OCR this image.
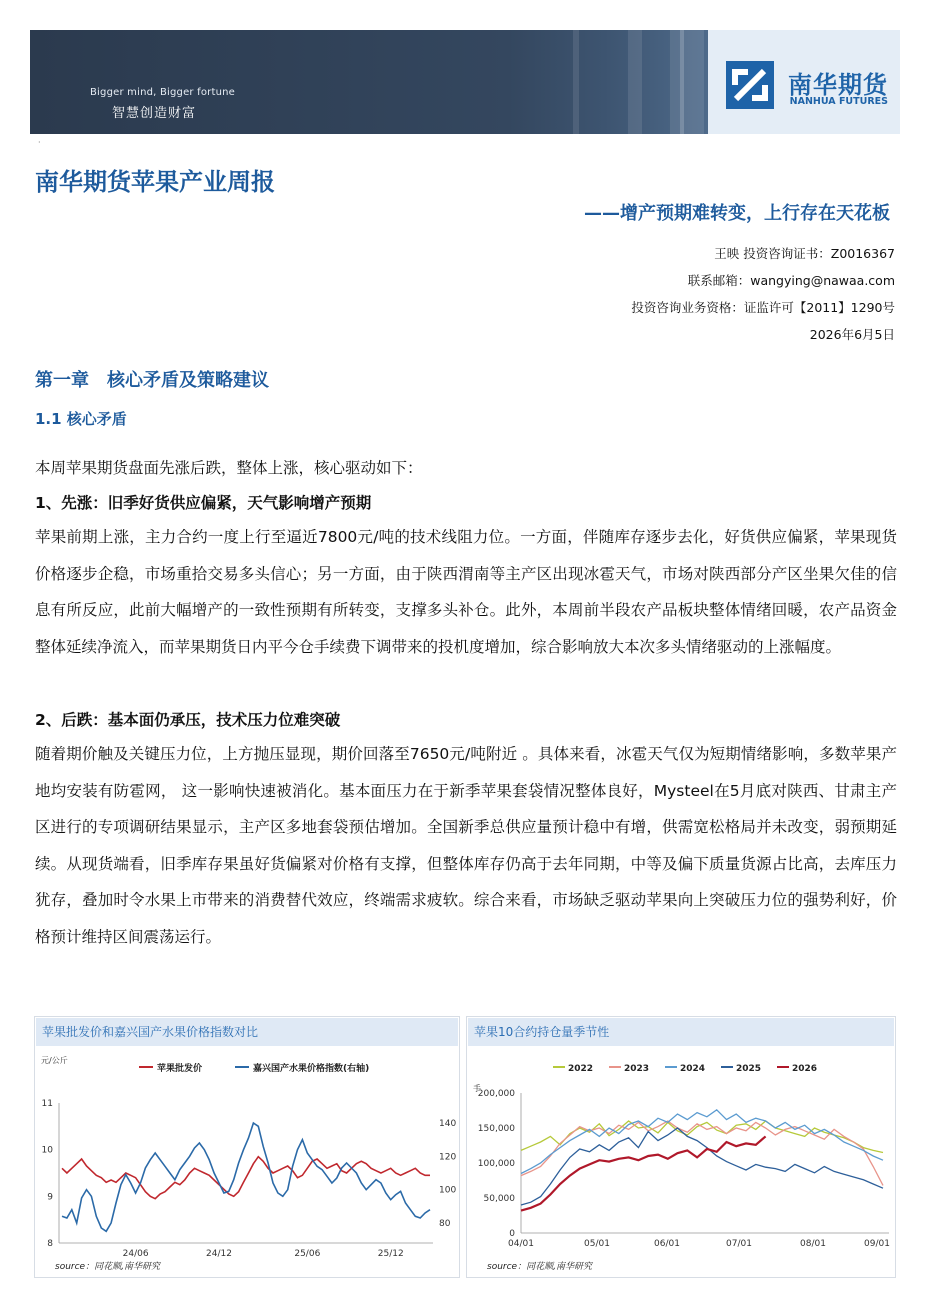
Bigger mind, Bigger fortune
智慧创造财富
南华期货
NANHUA FUTURES
·
南华期货苹果产业周报
——增产预期难转变，上行存在天花板
王映 投资咨询证书：Z0016367
联系邮箱：wangying@nawaa.com
投资咨询业务资格：证监许可【2011】1290号
2026年6月5日
第一章　核心矛盾及策略建议
1.1 核心矛盾
本周苹果期货盘面先涨后跌，整体上涨，核心驱动如下：
1、先涨：旧季好货供应偏紧，天气影响增产预期

苹果前期上涨，主力合约一度上行至逼近7800元/吨的技术线阻力位。一方面，伴随库存逐步去化，好货供应偏紧，苹果现货价格逐步企稳，市场重拾交易多头信心；另一方面，由于陕西渭南等主产区出现冰雹天气，市场对陕西部分产区坐果欠佳的信息有所反应，此前大幅增产的一致性预期有所转变，支撑多头补仓。此外，本周前半段农产品板块整体情绪回暖，农产品资金整体延续净流入，而苹果期货日内平今仓手续费下调带来的投机度增加，综合影响放大本次多头情绪驱动的上涨幅度。

2、后跌：基本面仍承压，技术压力位难突破

随着期价触及关键压力位，上方抛压显现，期价回落至7650元/吨附近 。具体来看，冰雹天气仅为短期情绪影响，多数苹果产地均安装有防雹网， 这一影响快速被消化。基本面压力在于新季苹果套袋情况整体良好，Mysteel在5月底对陕西、甘肃主产区进行的专项调研结果显示，主产区多地套袋预估增加。全国新季总供应量预计稳中有增，供需宽松格局并未改变，弱预期延续。从现货端看，旧季库存果虽好货偏紧对价格有支撑，但整体库存仍高于去年同期，中等及偏下质量货源占比高，去库压力犹存，叠加时令水果上市带来的消费替代效应，终端需求疲软。综合来看，市场缺乏驱动苹果向上突破压力位的强势利好，价格预计维持区间震荡运行。

苹果批发价和嘉兴国产水果价格指数对比
元/公斤
8
9
10
11
80
100
120
140
24/06	24/12	25/06	25/12
苹果批发价	嘉兴国产水果价格指数(右轴)
source：同花顺,南华研究
苹果10合约持仓量季节性
手
0
50,000
100,000
150,000
200,000
04/01	05/01	06/01	07/01	08/01	09/01
2022	2023	2024	2025	2026
source：同花顺,南华研究
